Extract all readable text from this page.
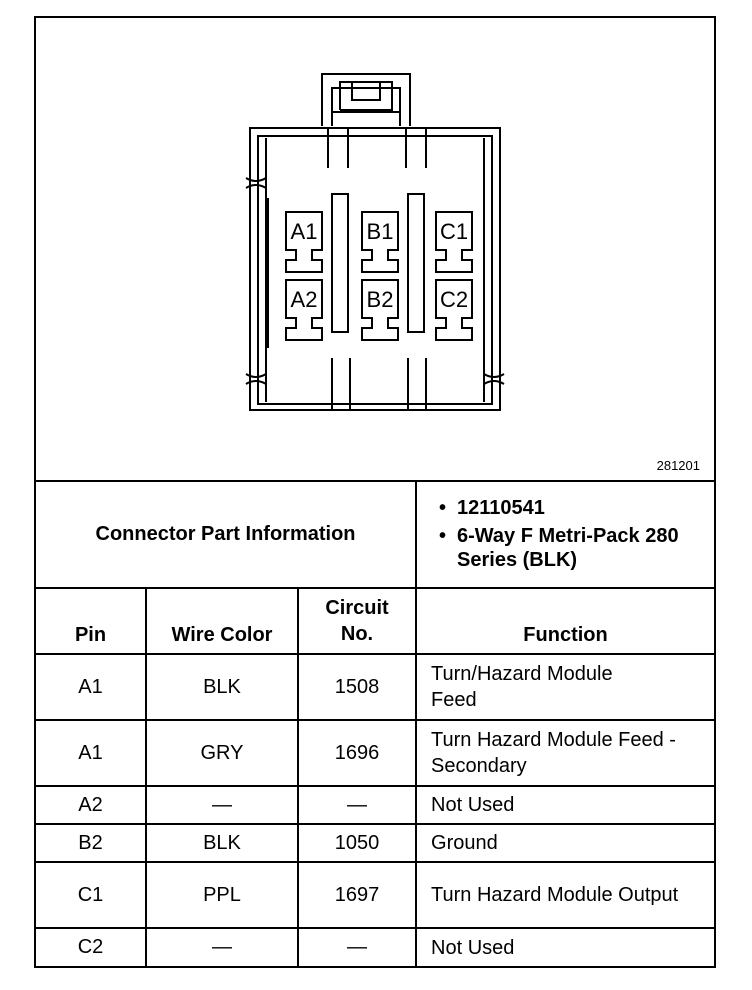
A1 B1 C1
A2 B2 C2
281201
Connector Part Information			• 12110541
• 6-Way F Metri-Pack 280 Series (BLK)

Pin	Wire Color	Circuit No.	Function
A1	BLK	1508	Turn/Hazard Module Feed
A1	GRY	1696	Turn Hazard Module Feed - Secondary
A2	—	—	Not Used
B2	BLK	1050	Ground
C1	PPL	1697	Turn Hazard Module Output
C2	—	—	Not Used
